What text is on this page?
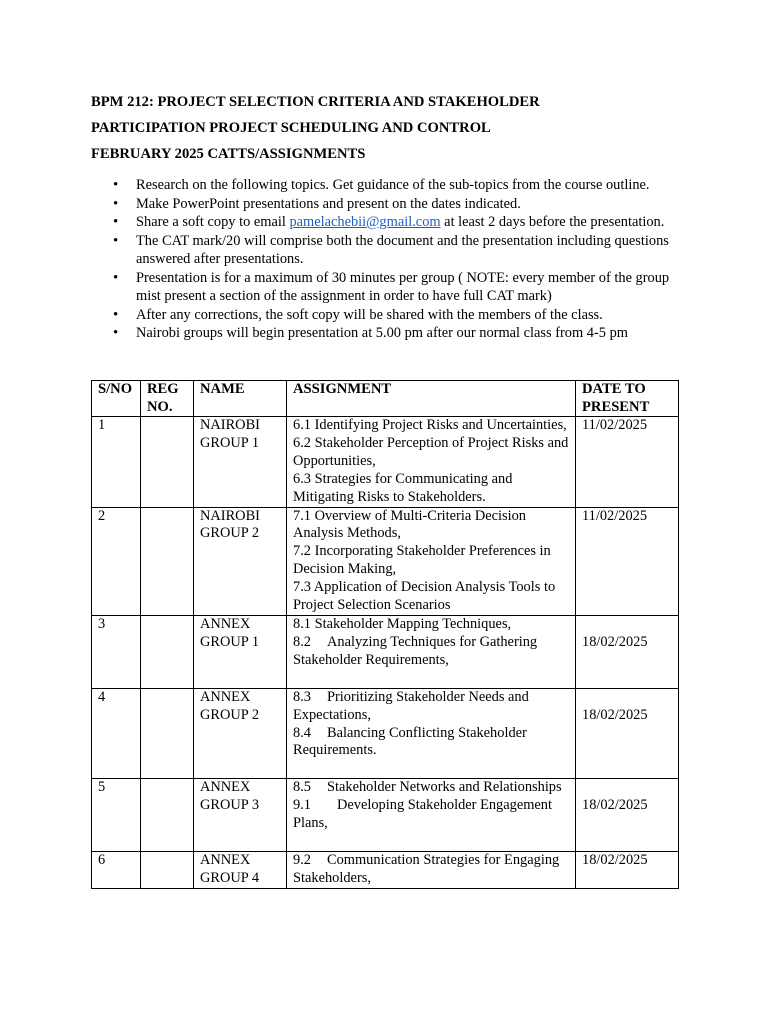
BPM 212: PROJECT SELECTION CRITERIA AND STAKEHOLDER
PARTICIPATION PROJECT SCHEDULING AND CONTROL
FEBRUARY 2025 CATTS/ASSIGNMENTS
• Research on the following topics. Get guidance of the sub-topics from the course outline.
• Make PowerPoint presentations and present on the dates indicated.
• Share a soft copy to email pamelachebii@gmail.com at least 2 days before the presentation.
• The CAT mark/20 will comprise both the document and the presentation including questions answered after presentations.
• Presentation is for a maximum of 30 minutes per group ( NOTE: every member of the group mist present a section of the assignment in order to have full CAT mark)
• After any corrections, the soft copy will be shared with the members of the class.
• Nairobi groups will begin presentation at 5.00 pm after our normal class from 4-5 pm
S/NO	REG NO.	NAME	ASSIGNMENT	DATE TO PRESENT
1		NAIROBI GROUP 1	6.1 Identifying Project Risks and Uncertainties,
6.2 Stakeholder Perception of Project Risks and Opportunities,
6.3 Strategies for Communicating and Mitigating Risks to Stakeholders.	11/02/2025
2		NAIROBI GROUP 2	7.1 Overview of Multi-Criteria Decision Analysis Methods,
7.2 Incorporating Stakeholder Preferences in Decision Making,
7.3 Application of Decision Analysis Tools to Project Selection Scenarios	11/02/2025
3		ANNEX GROUP 1	8.1 Stakeholder Mapping Techniques,
8.2 Analyzing Techniques for Gathering Stakeholder Requirements,	18/02/2025
4		ANNEX GROUP 2	8.3 Prioritizing Stakeholder Needs and Expectations,
8.4 Balancing Conflicting Stakeholder Requirements.	18/02/2025
5		ANNEX GROUP 3	8.5 Stakeholder Networks and Relationships
9.1 Developing Stakeholder Engagement Plans,	18/02/2025
6		ANNEX GROUP 4	9.2 Communication Strategies for Engaging Stakeholders,	18/02/2025
